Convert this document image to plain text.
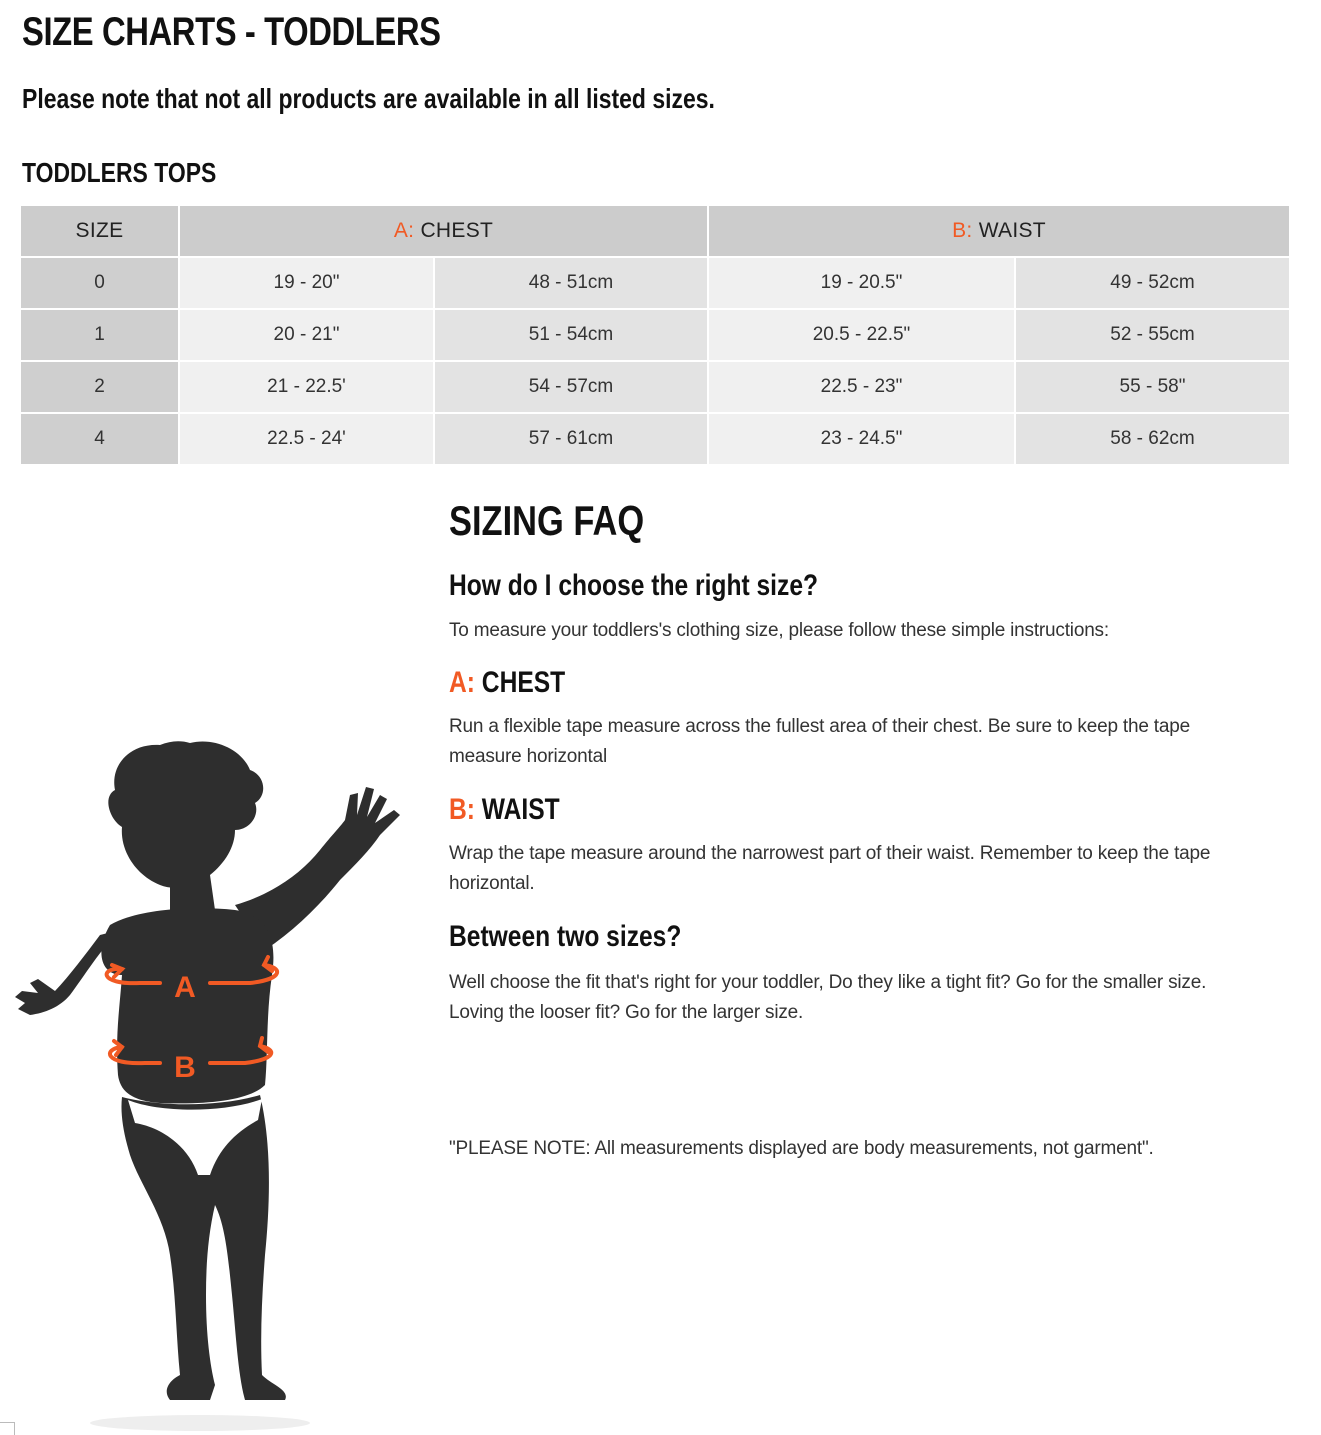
SIZE CHARTS - TODDLERS

Please note that not all products are available in all listed sizes.

TODDLERS TOPS
SIZE	A: CHEST		B: WAIST	
0	19 - 20"	48 - 51cm	19 - 20.5"	49 - 52cm
1	20 - 21"	51 - 54cm	20.5 - 22.5"	52 - 55cm
2	21 - 22.5'	54 - 57cm	22.5 - 23"	55 - 58"
4	22.5 - 24'	57 - 61cm	23 - 24.5"	58 - 62cm
A
B
SIZING FAQ
How do I choose the right size?

To measure your toddlers's clothing size, please follow these simple instructions:

A: CHEST

Run a flexible tape measure across the fullest area of their chest. Be sure to keep the tape measure horizontal

B: WAIST

Wrap the tape measure around the narrowest part of their waist. Remember to keep the tape horizontal.

Between two sizes?

Well choose the fit that's right for your toddler, Do they like a tight fit? Go for the smaller size. Loving the looser fit? Go for the larger size.

"PLEASE NOTE: All measurements displayed are body measurements, not garment".
